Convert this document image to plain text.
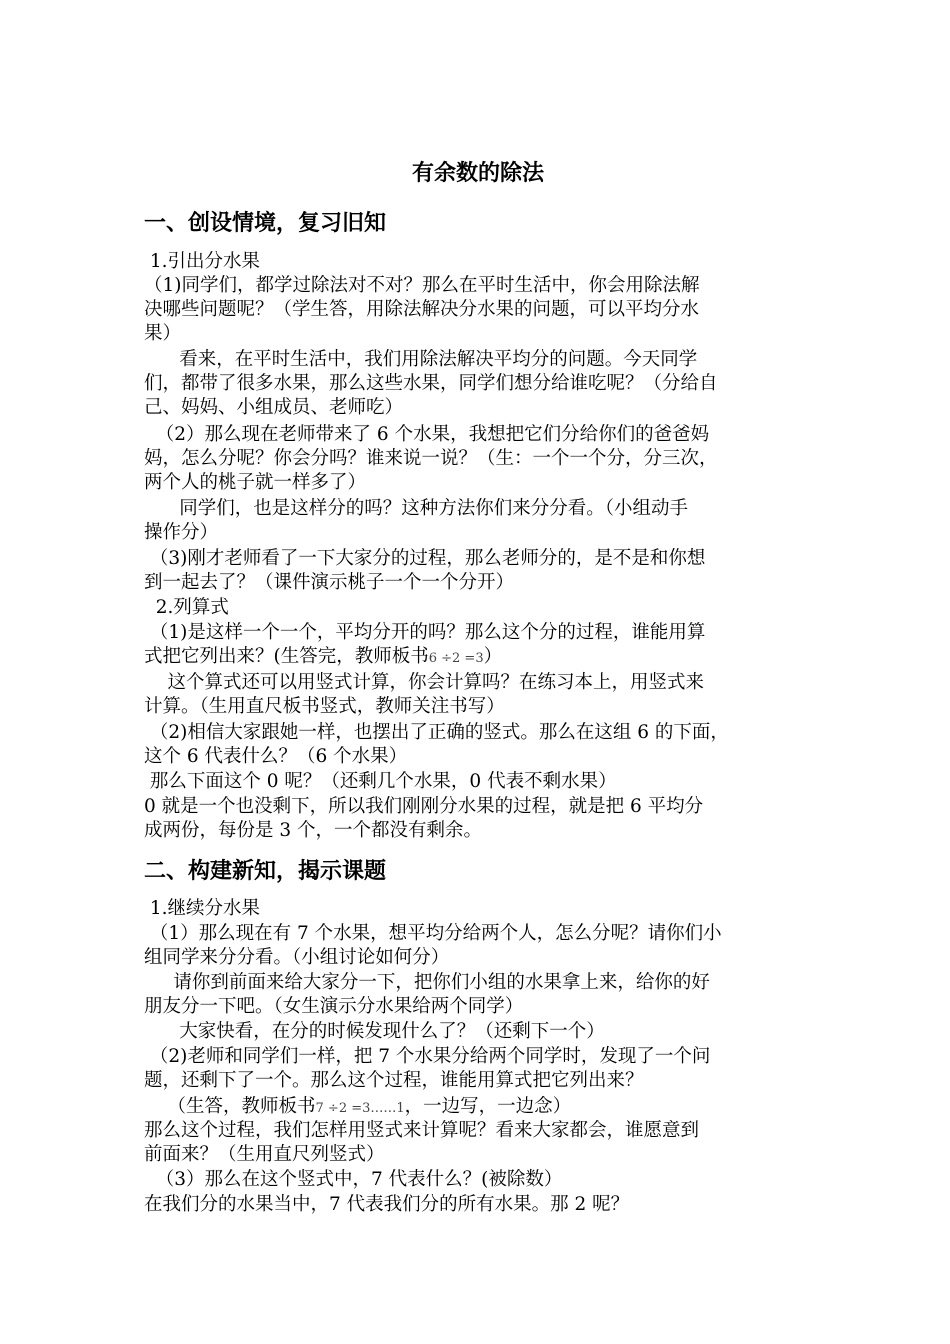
有余数的除法
一、创设情境，复习旧知
1.引出分水果
（1)同学们，都学过除法对不对？那么在平时生活中，你会用除法解
决哪些问题呢？（学生答，用除法解决分水果的问题，可以平均分水
果）
看来，在平时生活中，我们用除法解决平均分的问题。今天同学
们，都带了很多水果，那么这些水果，同学们想分给谁吃呢？（分给自
己、妈妈、小组成员、老师吃）
（2）那么现在老师带来了 6 个水果，我想把它们分给你们的爸爸妈
妈，怎么分呢？你会分吗？谁来说一说？（生：一个一个分，分三次，
两个人的桃子就一样多了）
同学们，也是这样分的吗？这种方法你们来分分看。（小组动手
操作分）
（3)刚才老师看了一下大家分的过程，那么老师分的，是不是和你想
到一起去了？（课件演示桃子一个一个分开）
2.列算式
（1)是这样一个一个，平均分开的吗？那么这个分的过程，谁能用算
式把它列出来？(生答完，教师板书6 ÷2 =3）
这个算式还可以用竖式计算，你会计算吗？在练习本上，用竖式来
计算。（生用直尺板书竖式，教师关注书写）
（2)相信大家跟她一样，也摆出了正确的竖式。那么在这组 6 的下面，
这个 6 代表什么？（6 个水果）
那么下面这个 0 呢？（还剩几个水果，0 代表不剩水果）
0 就是一个也没剩下，所以我们刚刚分水果的过程，就是把 6 平均分
成两份，每份是 3 个，一个都没有剩余。
二、构建新知，揭示课题
1.继续分水果
（1）那么现在有 7 个水果，想平均分给两个人，怎么分呢？请你们小
组同学来分分看。（小组讨论如何分）
请你到前面来给大家分一下，把你们小组的水果拿上来，给你的好
朋友分一下吧。（女生演示分水果给两个同学）
大家快看，在分的时候发现什么了？（还剩下一个）
（2)老师和同学们一样，把 7 个水果分给两个同学时，发现了一个问
题，还剩下了一个。那么这个过程，谁能用算式把它列出来？
（生答，教师板书7 ÷2 =3……1，一边写，一边念）
那么这个过程，我们怎样用竖式来计算呢？看来大家都会，谁愿意到
前面来？（生用直尺列竖式）
（3）那么在这个竖式中，7 代表什么？(被除数）
在我们分的水果当中，7 代表我们分的所有水果。那 2 呢？
